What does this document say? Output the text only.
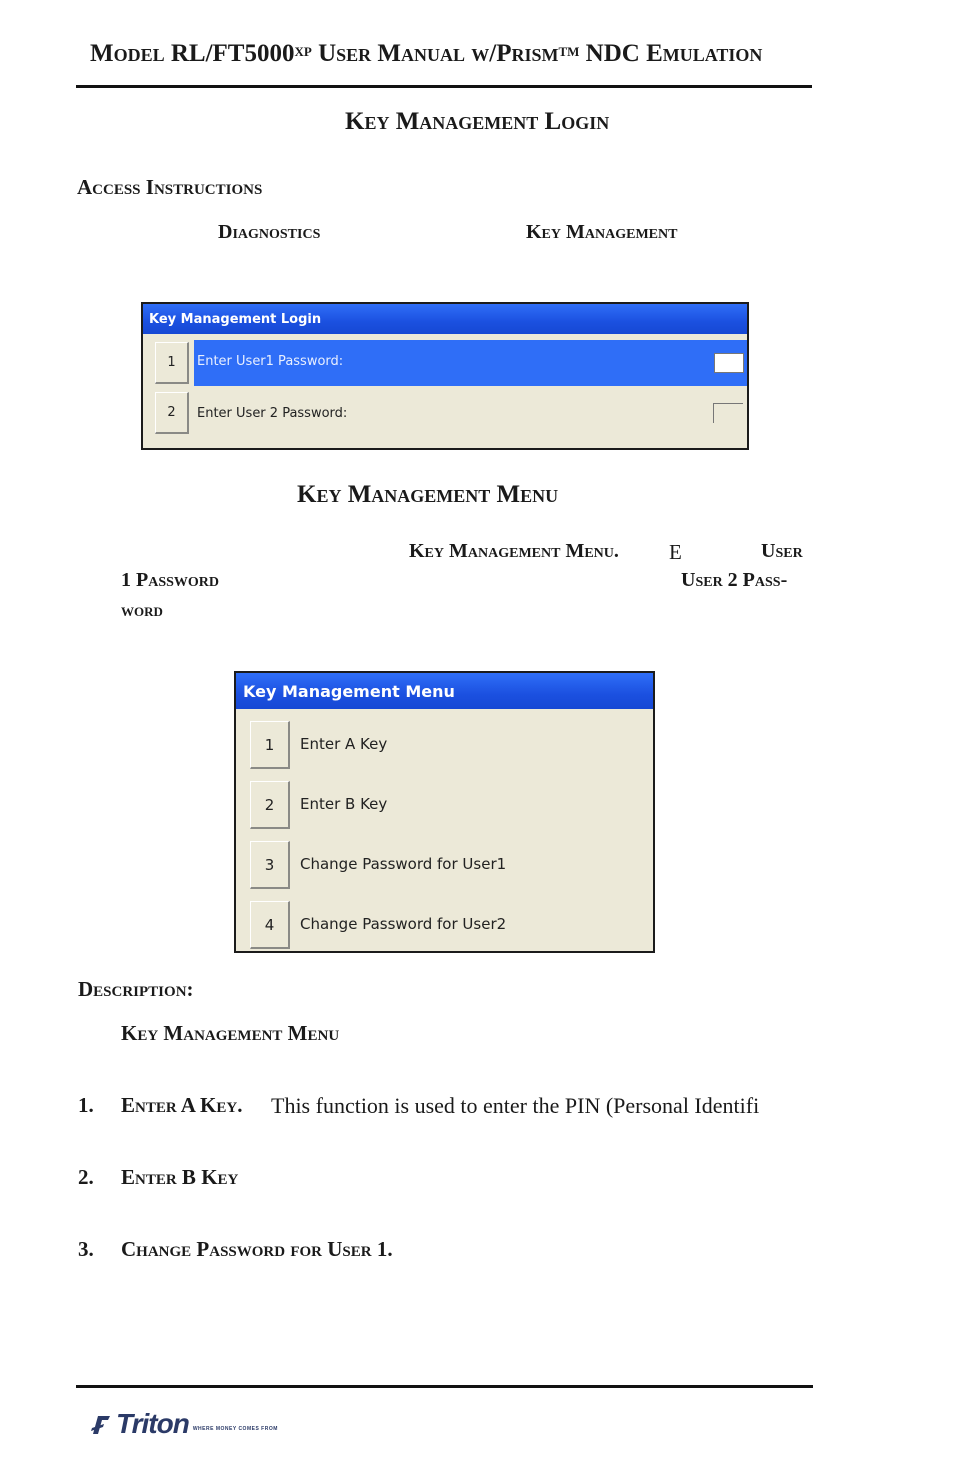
Model $RL/FT5000^{XP}$ User Manual w/Prism™ NDC Emulation
Key Management Login
Access Instructions
Diagnostics	Key Management
Key Management Login
1	Enter User1 Password:
2	Enter User 2 Password:
Key Management Menu
Key Management Menu. E	User
1 Password	User 2 Pass-
word
Key Management Menu
1	Enter A Key
2	Enter B Key
3	Change Password for User1
4	Change Password for User2
Description:
Key Management Menu
1. Enter A Key. This function is used to enter the PIN (Personal Identifi
2. Enter B Key
3. Change Password for User 1.
Triton WHERE MONEY COMES FROM
